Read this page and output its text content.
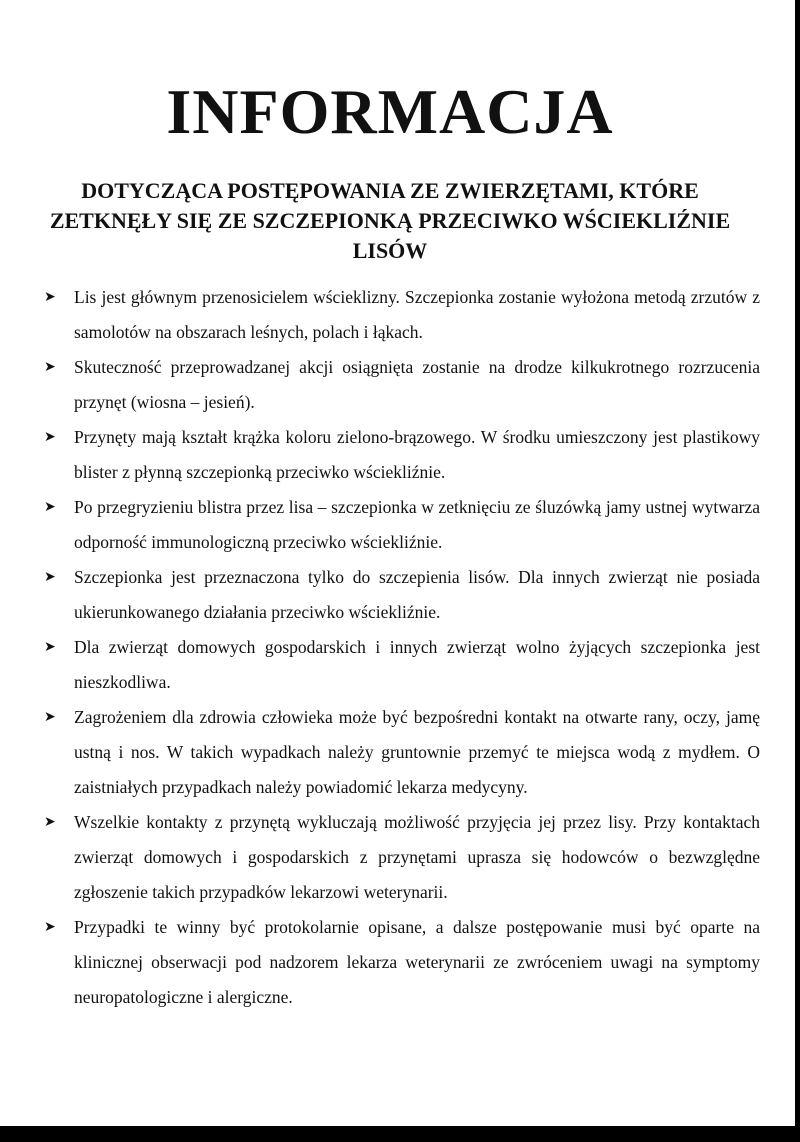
INFORMACJA
DOTYCZĄCA POSTĘPOWANIA ZE ZWIERZĘTAMI, KTÓRE ZETKNĘŁY SIĘ ZE SZCZEPIONKĄ PRZECIWKO WŚCIEKLIŹNIE LISÓW
➤ Lis jest głównym przenosicielem wścieklizny. Szczepionka zostanie wyłożona metodą zrzutów z samolotów na obszarach leśnych, polach i łąkach.
➤ Skuteczność przeprowadzanej akcji osiągnięta zostanie na drodze kilkukrotnego rozrzucenia przynęt (wiosna – jesień).
➤ Przynęty mają kształt krążka koloru zielono-brązowego. W środku umieszczony jest plastikowy blister z płynną szczepionką przeciwko wściekliźnie.
➤ Po przegryzieniu blistra przez lisa – szczepionka w zetknięciu ze śluzówką jamy ustnej wytwarza odporność immunologiczną przeciwko wściekliźnie.
➤ Szczepionka jest przeznaczona tylko do szczepienia lisów. Dla innych zwierząt nie posiada ukierunkowanego działania przeciwko wściekliźnie.
➤ Dla zwierząt domowych gospodarskich i innych zwierząt wolno żyjących szczepionka jest nieszkodliwa.
➤ Zagrożeniem dla zdrowia człowieka może być bezpośredni kontakt na otwarte rany, oczy, jamę ustną i nos. W takich wypadkach należy gruntownie przemyć te miejsca wodą z mydłem. O zaistniałych przypadkach należy powiadomić lekarza medycyny.
➤ Wszelkie kontakty z przynętą wykluczają możliwość przyjęcia jej przez lisy. Przy kontaktach zwierząt domowych i gospodarskich z przynętami uprasza się hodowców o bezwzględne zgłoszenie takich przypadków lekarzowi weterynarii.
➤ Przypadki te winny być protokolarnie opisane, a dalsze postępowanie musi być oparte na klinicznej obserwacji pod nadzorem lekarza weterynarii ze zwróceniem uwagi na symptomy neuropatologiczne i alergiczne.
